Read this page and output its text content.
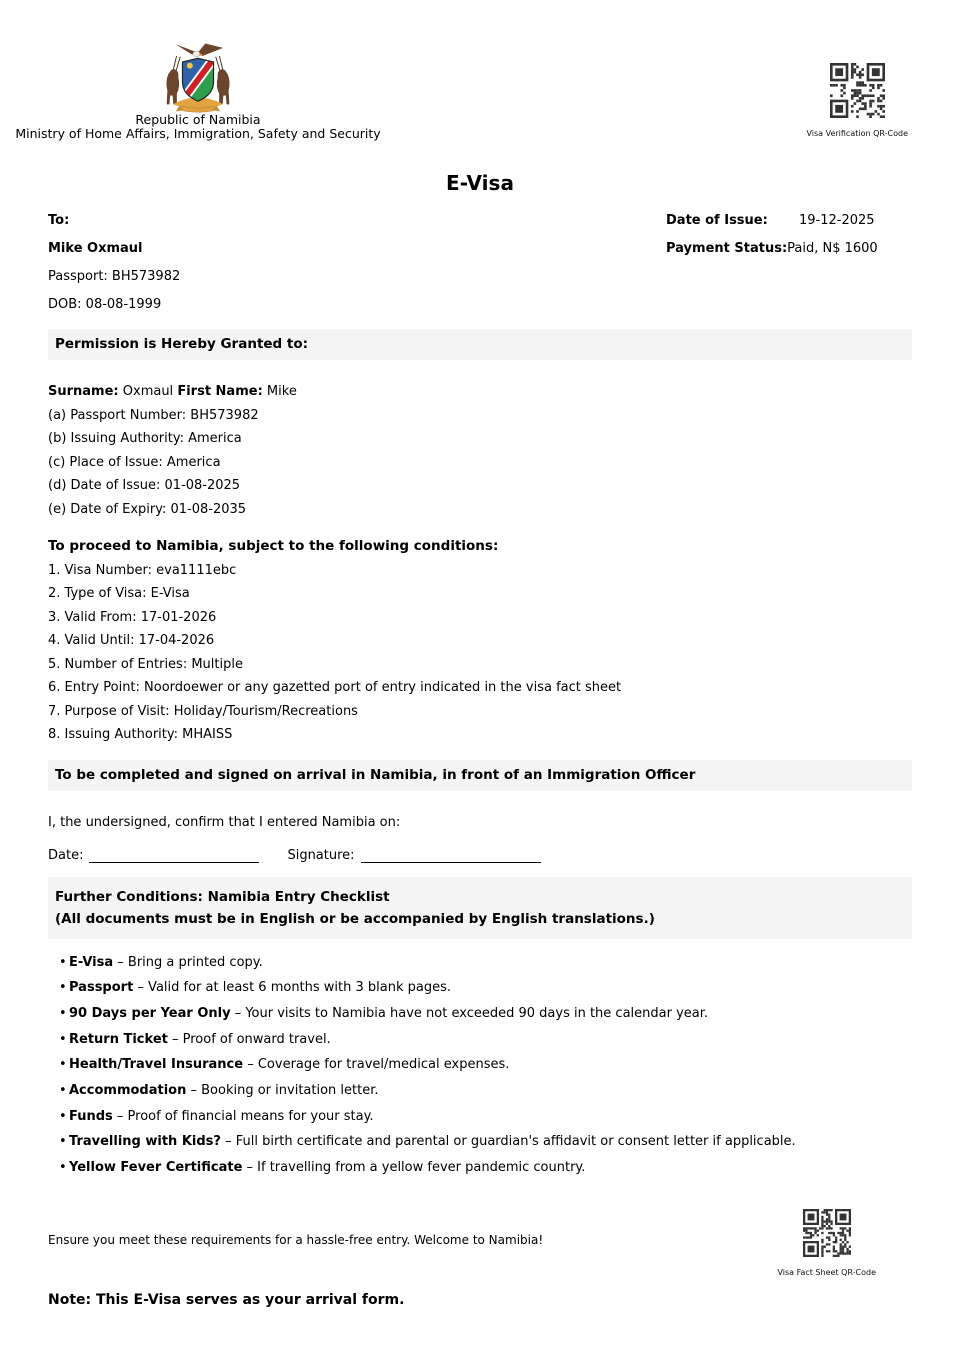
Republic of Namibia
Ministry of Home Affairs, Immigration, Safety and Security	Visa Verification QR-Code
E-Visa
To:
Mike Oxmaul
Passport: BH573982
DOB: 08-08-1999
Date of Issue: 19-12-2025
Payment Status:Paid, N$ 1600
Permission is Hereby Granted to:
Surname: Oxmaul First Name: Mike
(a) Passport Number: BH573982
(b) Issuing Authority: America
(c) Place of Issue: America
(d) Date of Issue: 01-08-2025
(e) Date of Expiry: 01-08-2035
To proceed to Namibia, subject to the following conditions:
1. Visa Number: eva1111ebc
2. Type of Visa: E-Visa
3. Valid From: 17-01-2026
4. Valid Until: 17-04-2026
5. Number of Entries: Multiple
6. Entry Point: Noordoewer or any gazetted port of entry indicated in the visa fact sheet
7. Purpose of Visit: Holiday/Tourism/Recreations
8. Issuing Authority: MHAISS
To be completed and signed on arrival in Namibia, in front of an Immigration Officer
I, the undersigned, confirm that I entered Namibia on:
Date:	Signature:
Further Conditions: Namibia Entry Checklist
(All documents must be in English or be accompanied by English translations.)
• E-Visa – Bring a printed copy.
• Passport – Valid for at least 6 months with 3 blank pages.
• 90 Days per Year Only – Your visits to Namibia have not exceeded 90 days in the calendar year.
• Return Ticket – Proof of onward travel.
• Health/Travel Insurance – Coverage for travel/medical expenses.
• Accommodation – Booking or invitation letter.
• Funds – Proof of financial means for your stay.
• Travelling with Kids? – Full birth certificate and parental or guardian's affidavit or consent letter if applicable.
• Yellow Fever Certificate – If travelling from a yellow fever pandemic country.
Ensure you meet these requirements for a hassle-free entry. Welcome to Namibia!
Visa Fact Sheet QR-Code
Note: This E-Visa serves as your arrival form.
